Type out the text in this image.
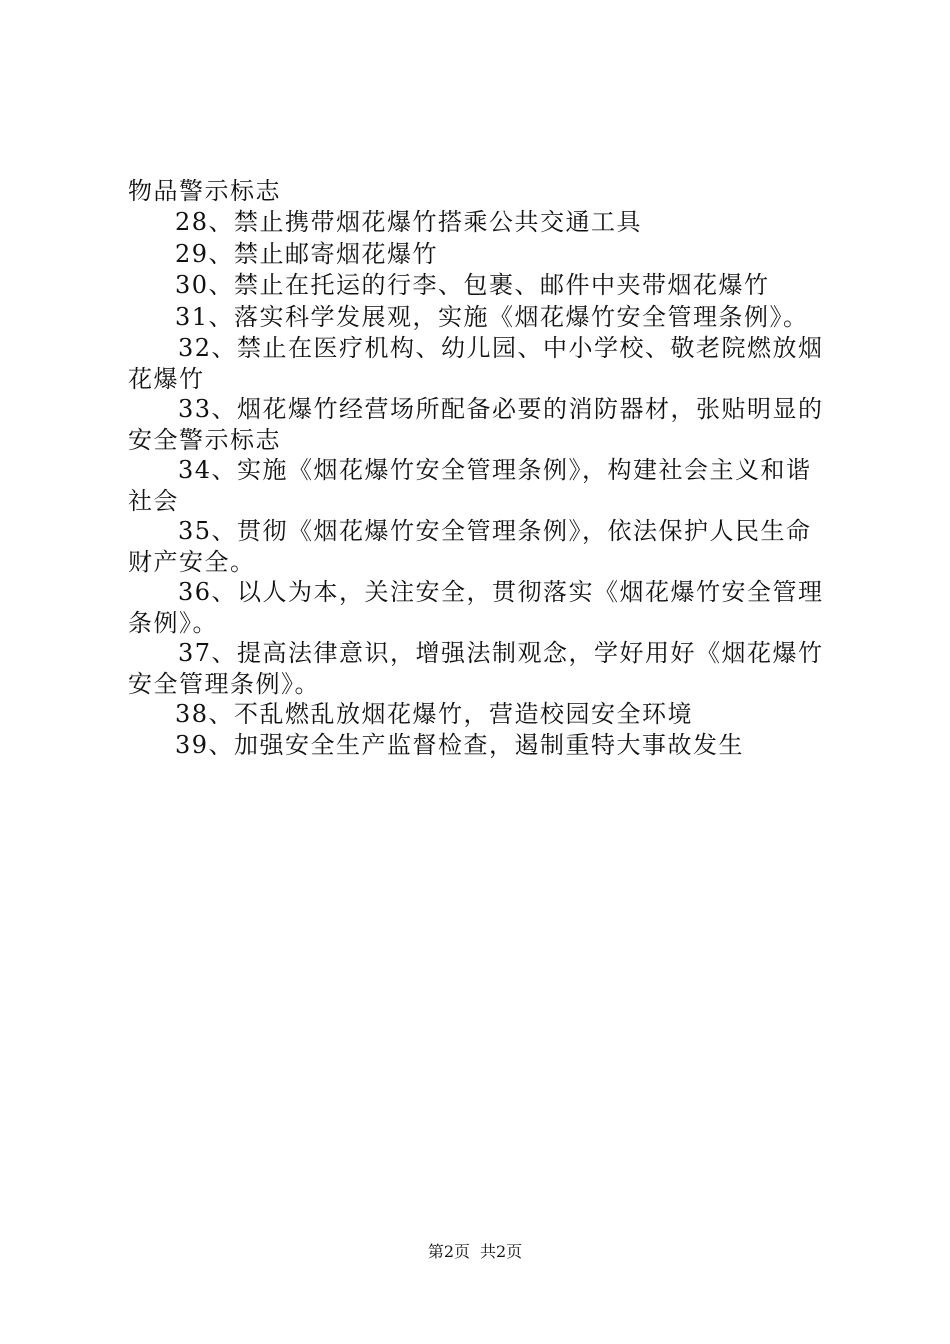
物品警示标志
28、禁止携带烟花爆竹搭乘公共交通工具
29、禁止邮寄烟花爆竹
30、禁止在托运的行李、包裹、邮件中夹带烟花爆竹
31、落实科学发展观，实施《烟花爆竹安全管理条例》。
32、禁止在医疗机构、幼儿园、中小学校、敬老院燃放烟
花爆竹
33、烟花爆竹经营场所配备必要的消防器材，张贴明显的
安全警示标志
34、实施《烟花爆竹安全管理条例》，构建社会主义和谐
社会
35、贯彻《烟花爆竹安全管理条例》，依法保护人民生命
财产安全。
36、以人为本，关注安全，贯彻落实《烟花爆竹安全管理
条例》。
37、提高法律意识，增强法制观念，学好用好《烟花爆竹
安全管理条例》。
38、不乱燃乱放烟花爆竹，营造校园安全环境
39、加强安全生产监督检查，遏制重特大事故发生
第2页 共2页
